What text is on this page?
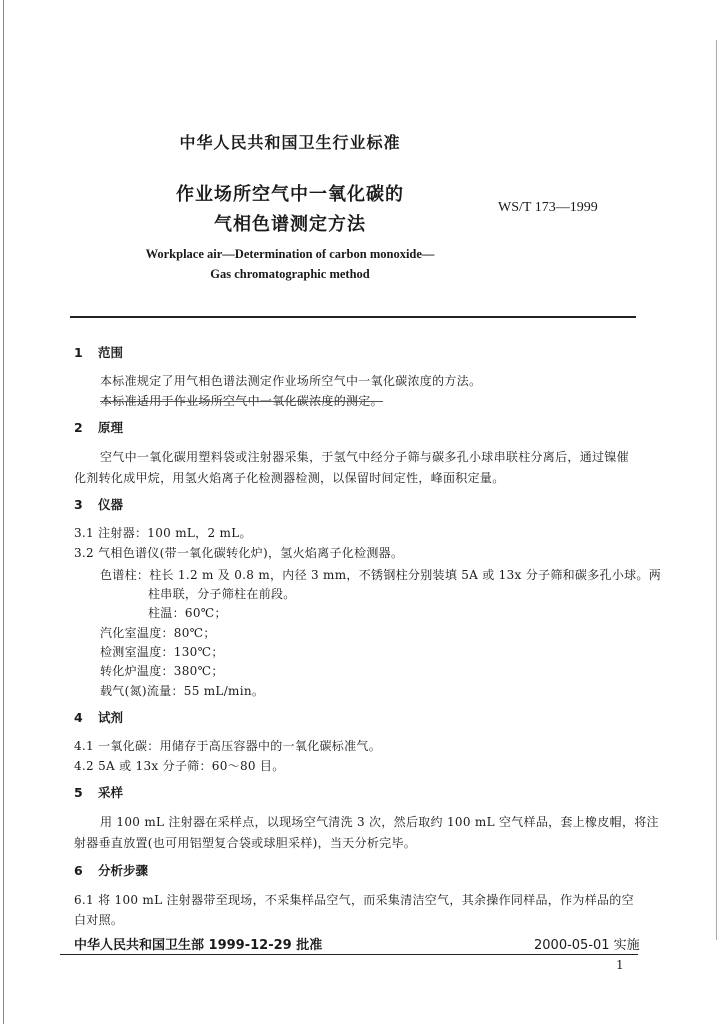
中华人民共和国卫生行业标准
作业场所空气中一氧化碳的
气相色谱测定方法
WS/T 173—1999
Workplace air—Determination of carbon monoxide—
Gas chromatographic method
1 范围
本标准规定了用气相色谱法测定作业场所空气中一氧化碳浓度的方法。
本标准适用于作业场所空气中一氧化碳浓度的测定。
2 原理
空气中一氧化碳用塑料袋或注射器采集，于氢气中经分子筛与碳多孔小球串联柱分离后，通过镍催
化剂转化成甲烷，用氢火焰离子化检测器检测，以保留时间定性，峰面积定量。
3 仪器
3.1 注射器：100 mL，2 mL。
3.2 气相色谱仪(带一氧化碳转化炉)，氢火焰离子化检测器。
色谱柱：柱长 1.2 m 及 0.8 m，内径 3 mm，不锈钢柱分别装填 5A 或 13x 分子筛和碳多孔小球。两
柱串联，分子筛柱在前段。
柱温：60℃；
汽化室温度：80℃；
检测室温度：130℃；
转化炉温度：380℃；
载气(氮)流量：55 mL/min。
4 试剂
4.1 一氧化碳：用储存于高压容器中的一氧化碳标准气。
4.2 5A 或 13x 分子筛：60～80 目。
5 采样
用 100 mL 注射器在采样点，以现场空气清洗 3 次，然后取约 100 mL 空气样品，套上橡皮帽，将注
射器垂直放置(也可用铝塑复合袋或球胆采样)，当天分析完毕。
6 分析步骤
6.1 将 100 mL 注射器带至现场，不采集样品空气，而采集清洁空气，其余操作同样品，作为样品的空
白对照。
中华人民共和国卫生部 1999-12-29 批准	2000-05-01 实施
1
